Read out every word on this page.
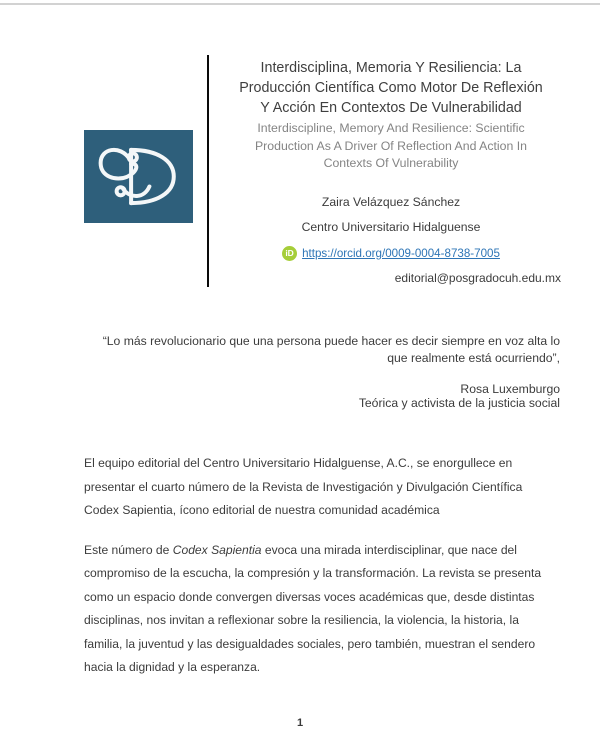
Interdisciplina, Memoria Y Resiliencia: La
Producción Científica Como Motor De Reflexión
Y Acción En Contextos De Vulnerabilidad
Interdiscipline, Memory And Resilience: Scientific
Production As A Driver Of Reflection And Action In
Contexts Of Vulnerability
Zaira Velázquez Sánchez
Centro Universitario Hidalguense
iD https://orcid.org/0009-0004-8738-7005
editorial@posgradocuh.edu.mx
“Lo más revolucionario que una persona puede hacer es decir siempre en voz alta lo
que realmente está ocurriendo”,
Rosa Luxemburgo
Teórica y activista de la justicia social

El equipo editorial del Centro Universitario Hidalguense, A.C., se enorgullece en presentar el cuarto número de la Revista de Investigación y Divulgación Científica Codex Sapientia, ícono editorial de nuestra comunidad académica

Este número de Codex Sapientia evoca una mirada interdisciplinar, que nace del compromiso de la escucha, la compresión y la transformación. La revista se presenta como un espacio donde convergen diversas voces académicas que, desde distintas disciplinas, nos invitan a reflexionar sobre la resiliencia, la violencia, la historia, la familia, la juventud y las desigualdades sociales, pero también, muestran el sendero hacia la dignidad y la esperanza.

1
